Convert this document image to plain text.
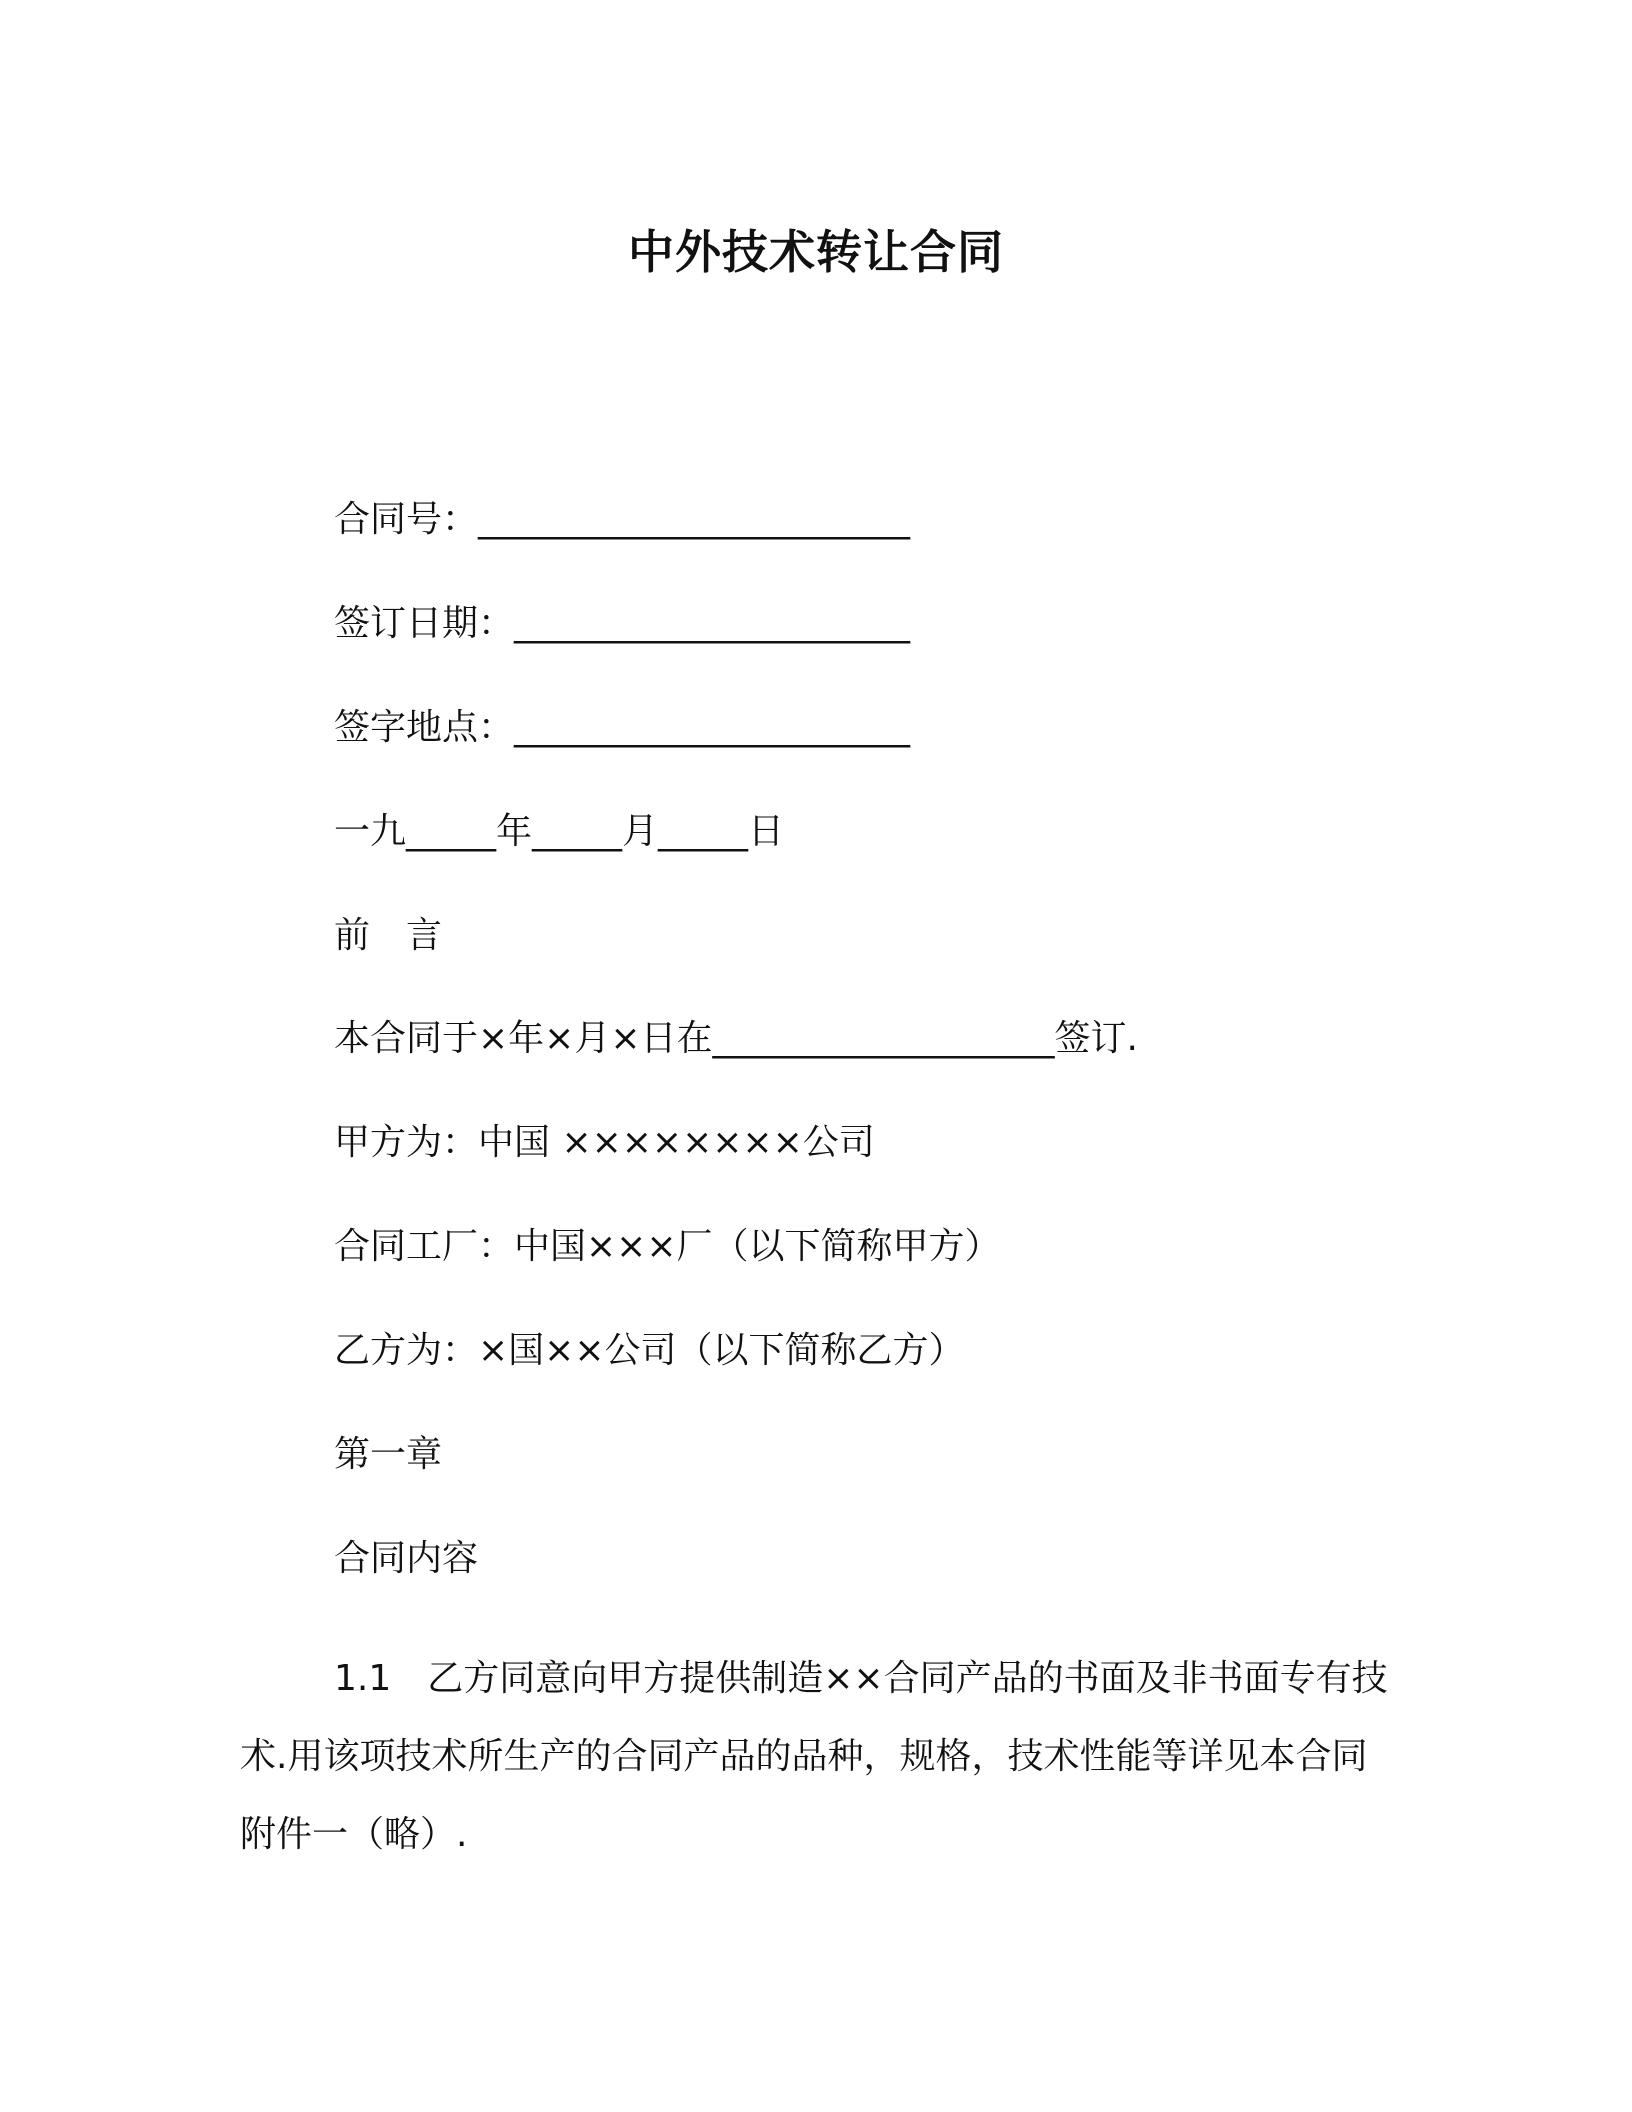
中外技术转让合同
合同号：________________________
签订日期：______________________
签字地点：______________________
一九_____年_____月_____日
前　言
本合同于×年×月×日在___________________签订.
甲方为：中国 ××××××××公司
合同工厂：中国×××厂（以下简称甲方）
乙方为：×国××公司（以下简称乙方）
第一章
合同内容
1.1　乙方同意向甲方提供制造××合同产品的书面及非书面专有技术.用该项技术所生产的合同产品的品种，规格，技术性能等详见本合同附件一（略）.
